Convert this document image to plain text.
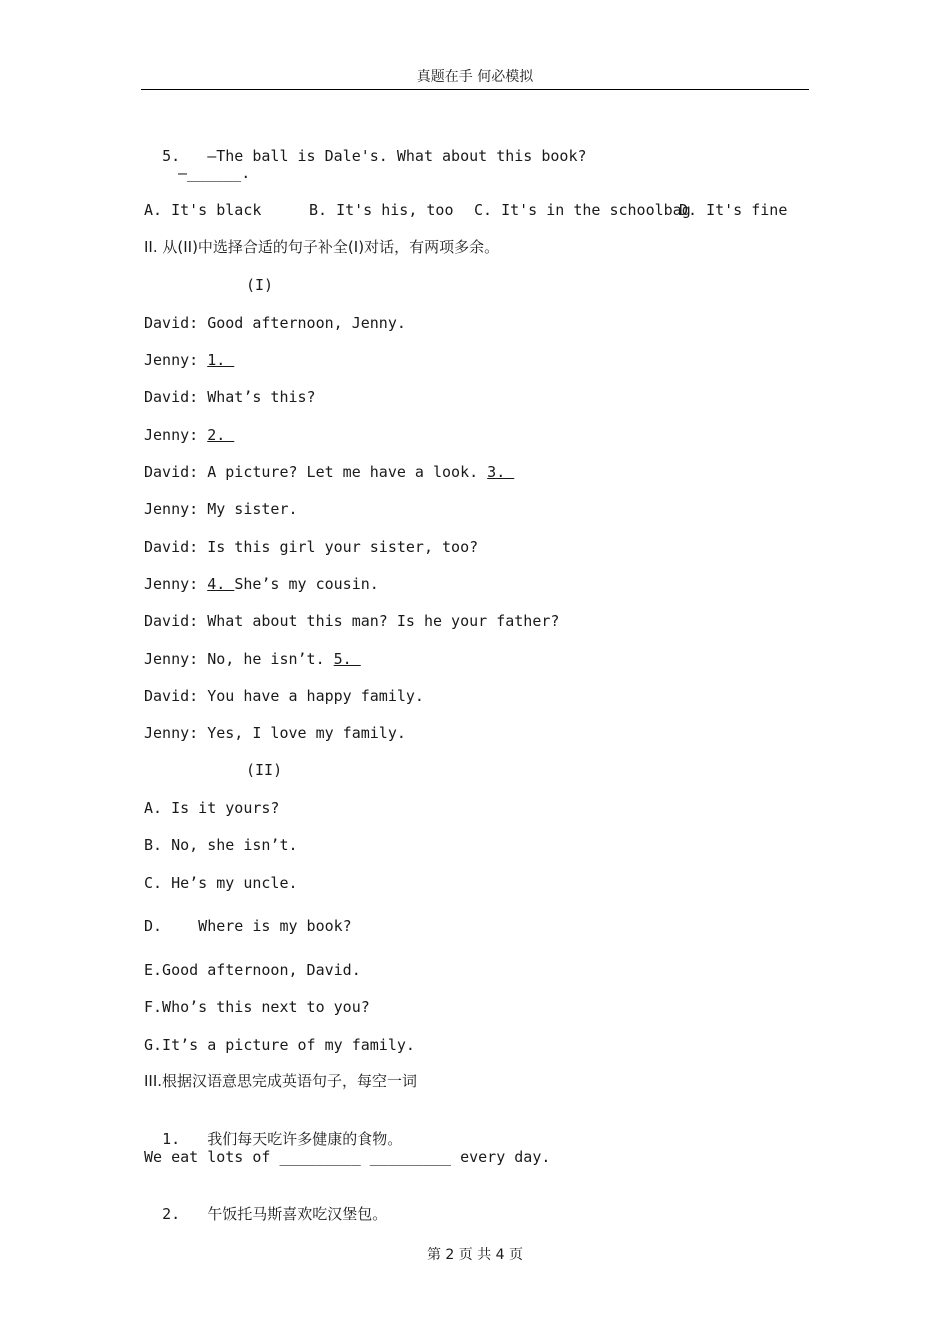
真题在手 何必模拟

5. —The ball is Dale's. What about this book?

—______.
A. It's black	B. It's his, too C. It's in the schoolbag
D. It's fine
II. 从(II)中选择合适的句子补全(I)对话，有两项多余。
(I)
David: Good afternoon, Jenny.
Jenny: 1.
David: What’s this?
Jenny: 2.
David: A picture? Let me have a look. 3.
Jenny: My sister.
David: Is this girl your sister, too?
Jenny: 4. She’s my cousin.
David: What about this man? Is he your father?
Jenny: No, he isn’t. 5.
David: You have a happy family.
Jenny: Yes, I love my family.
(II)
A. Is it yours?
B. No, she isn’t.
C. He’s my uncle.
D.    Where is my book?
E.Good afternoon, David.
F.Who’s this next to you?
G.It’s a picture of my family.
III.根据汉语意思完成英语句子，每空一词

1. 我们每天吃许多健康的食物。

We eat lots of _________ _________ every day.

2. 午饭托马斯喜欢吃汉堡包。

第 2 页 共 4 页
